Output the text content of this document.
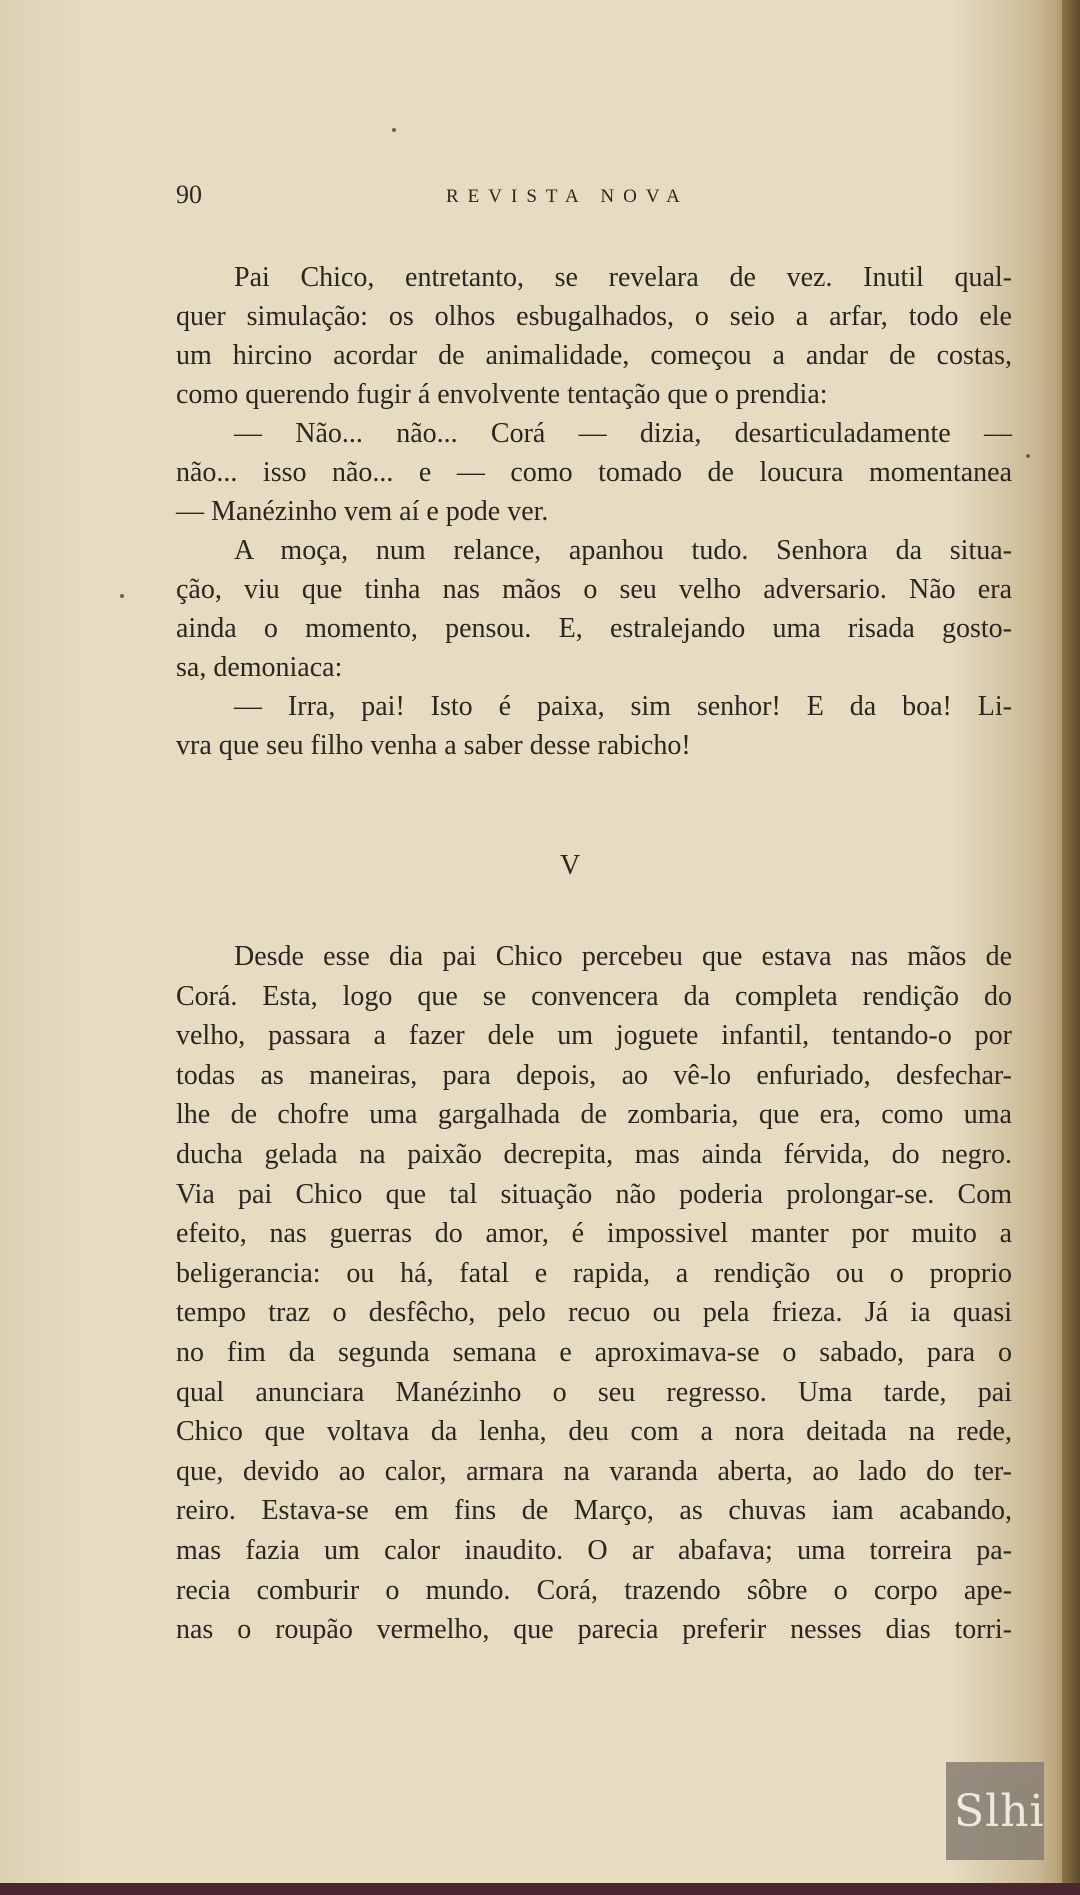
90	REVISTA NOVA
Pai Chico, entretanto, se revelara de vez. Inutil qual-
quer simulação: os olhos esbugalhados, o seio a arfar, todo ele
um hircino acordar de animalidade, começou a andar de costas,
como querendo fugir á envolvente tentação que o prendia:
— Não... não... Corá — dizia, desarticuladamente —
não... isso não... e — como tomado de loucura momentanea
— Manézinho vem aí e pode ver.
A moça, num relance, apanhou tudo. Senhora da situa-
ção, viu que tinha nas mãos o seu velho adversario. Não era
ainda o momento, pensou. E, estralejando uma risada gosto-
sa, demoniaca:
— Irra, pai! Isto é paixa, sim senhor! E da boa! Li-
vra que seu filho venha a saber desse rabicho!
V
Desde esse dia pai Chico percebeu que estava nas mãos de
Corá. Esta, logo que se convencera da completa rendição do
velho, passara a fazer dele um joguete infantil, tentando-o por
todas as maneiras, para depois, ao vê-lo enfuriado, desfechar-
lhe de chofre uma gargalhada de zombaria, que era, como uma
ducha gelada na paixão decrepita, mas ainda férvida, do negro.
Via pai Chico que tal situação não poderia prolongar-se. Com
efeito, nas guerras do amor, é impossivel manter por muito a
beligerancia: ou há, fatal e rapida, a rendição ou o proprio
tempo traz o desfêcho, pelo recuo ou pela frieza. Já ia quasi
no fim da segunda semana e aproximava-se o sabado, para o
qual anunciara Manézinho o seu regresso. Uma tarde, pai
Chico que voltava da lenha, deu com a nora deitada na rede,
que, devido ao calor, armara na varanda aberta, ao lado do ter-
reiro. Estava-se em fins de Março, as chuvas iam acabando,
mas fazia um calor inaudito. O ar abafava; uma torreira pa-
recia comburir o mundo. Corá, trazendo sôbre o corpo ape-
nas o roupão vermelho, que parecia preferir nesses dias torri-
Slhi
